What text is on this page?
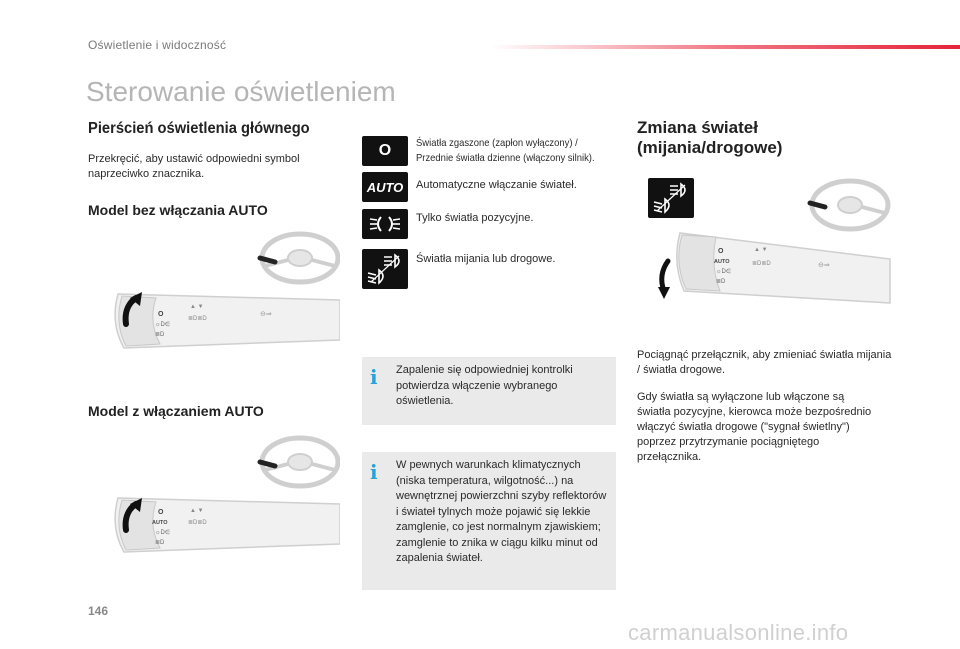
Oświetlenie i widoczność
Sterowanie oświetleniem
Pierścień oświetlenia głównego
Przekręcić, aby ustawić odpowiedni symbol naprzeciwko znacznika.
Model bez włączania AUTO
O
☼D∈
≣D
▲ ▼
≣D≣D
⊖⇒
Model z włączaniem AUTO
O
AUTO
☼D∈
≣D
▲ ▼
≣D≣D
O Światła zgaszone (zapłon wyłączony) / Przednie światła dzienne (włączony silnik).
AUTO Automatyczne włączanie świateł.
Tylko światła pozycyjne.
Światła mijania lub drogowe.
i Zapalenie się odpowiedniej kontrolki potwierdza włączenie wybranego oświetlenia.
i W pewnych warunkach klimatycznych (niska temperatura, wilgotność...) na wewnętrznej powierzchni szyby reflektorów i świateł tylnych może pojawić się lekkie zamglenie, co jest normalnym zjawiskiem; zamglenie to znika w ciągu kilku minut od zapalenia świateł.
Zmiana świateł (mijania/drogowe)
O
AUTO
☼D∈
≣D
▲ ▼
≣D≣D	⊖⇒
Pociągnąć przełącznik, aby zmieniać światła mijania / światła drogowe.
Gdy światła są wyłączone lub włączone są światła pozycyjne, kierowca może bezpośrednio włączyć światła drogowe ("sygnał świetlny") poprzez przytrzymanie pociągniętego przełącznika.
146
carmanualsonline.info
